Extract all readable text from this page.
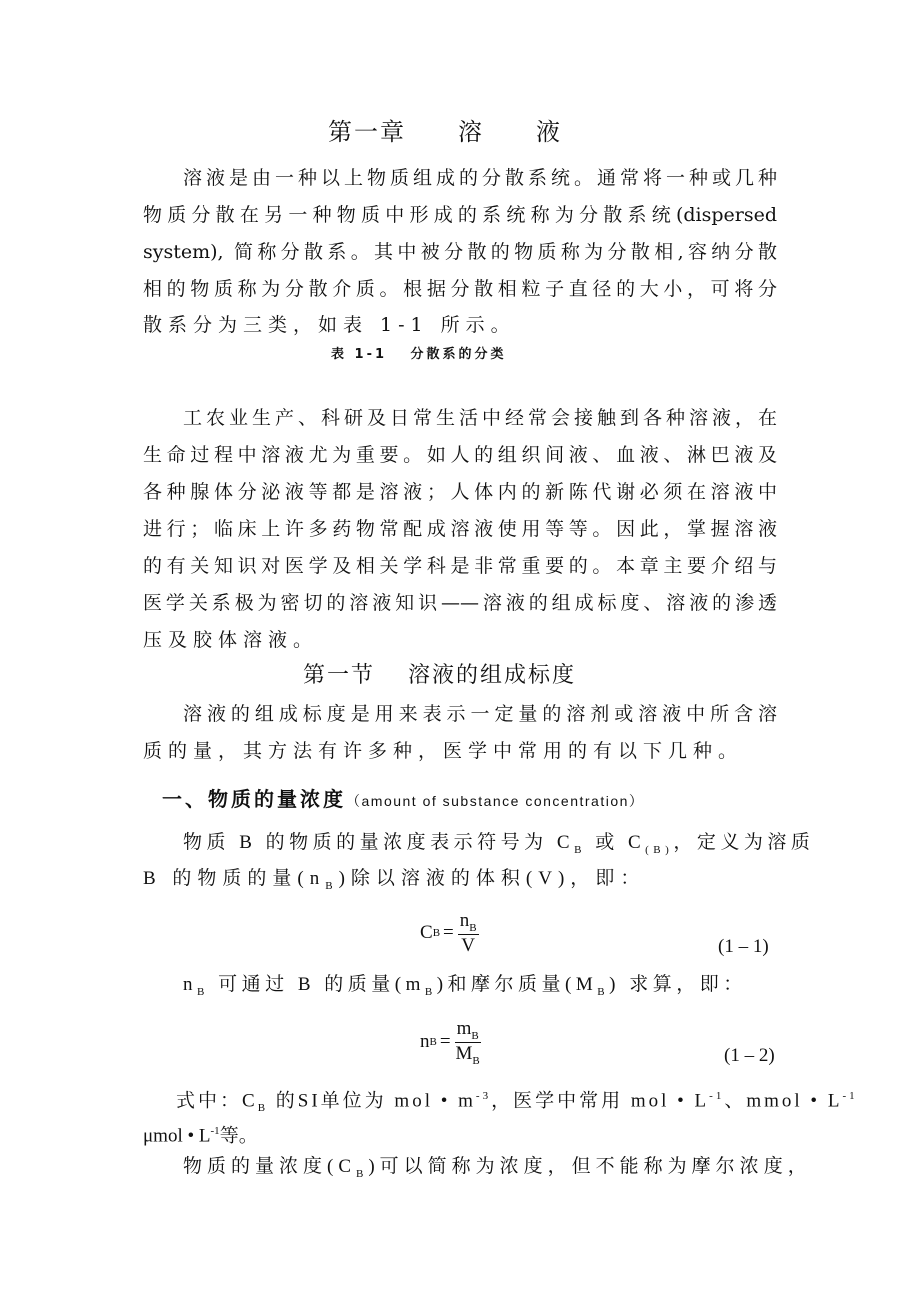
第一章　　溶　　液
溶液是由一种以上物质组成的分散系统。通常将一种或几种
物质分散在另一种物质中形成的系统称为分散系统(dispersed
system), 简称分散系。其中被分散的物质称为分散相,容纳分散
相的物质称为分散介质。根据分散相粒子直径的大小，可将分
散系分为三类，如表 1-1 所示。
表 1-1　 分散系的分类
工农业生产、科研及日常生活中经常会接触到各种溶液，在
生命过程中溶液尤为重要。如人的组织间液、血液、淋巴液及
各种腺体分泌液等都是溶液；人体内的新陈代谢必须在溶液中
进行；临床上许多药物常配成溶液使用等等。因此，掌握溶液
的有关知识对医学及相关学科是非常重要的。本章主要介绍与
医学关系极为密切的溶液知识——溶液的组成标度、溶液的渗透
压及胶体溶液。
第一节　 溶液的组成标度
溶液的组成标度是用来表示一定量的溶剂或溶液中所含溶
质的量，其方法有许多种，医学中常用的有以下几种。
一、物质的量浓度（amount of substance concentration）
物质 B 的物质的量浓度表示符号为 $C_B$ 或 $C_{(B)}$，定义为溶质
B 的物质的量$(n_B)$除以溶液的体积(V)，即：
C $B = \frac{n_B}{V}$	(1 – 1)
$n_B$ 可通过 B 的质量$(m_B)$和摩尔质量$(M_B)$ 求算，即：
n $B = \frac{m_B}{M_B}$	(1 – 2)
式中：$C_B$ 的SI单位为 mol • $m^{-3}$，医学中常用 mol • $L^{-1}$、mmol • $L^{-1}$
μmol • $L^{-1}$等。
物质的量浓度$(C_B)$可以简称为浓度，但不能称为摩尔浓度，
